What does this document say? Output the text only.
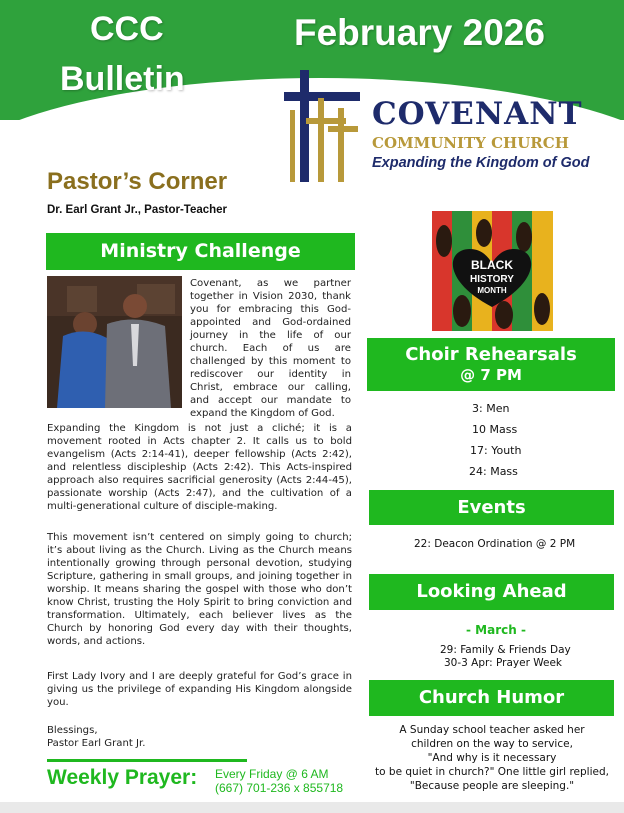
CCC
Bulletin
February 2026
COVENANT
COMMUNITY CHURCH
Expanding the Kingdom of God
Pastor’s Corner
Dr. Earl Grant Jr., Pastor-Teacher
Ministry Challenge
Covenant, as we partner together in Vision 2030, thank you for embracing this God-appointed and God-ordained journey in the life of our church. Each of us are challenged by this moment to rediscover our identity in Christ, embrace our calling, and accept our mandate to expand the Kingdom of God.
Expanding the Kingdom is not just a cliché; it is a movement rooted in Acts chapter 2. It calls us to bold evangelism (Acts 2:14-41), deeper fellowship (Acts 2:42), and relentless discipleship (Acts 2:42). This Acts-inspired approach also requires sacrificial generosity (Acts 2:44-45), passionate worship (Acts 2:47), and the cultivation of a multi-generational culture of disciple-making.
This movement isn’t centered on simply going to church; it’s about living as the Church. Living as the Church means intentionally growing through personal devotion, studying Scripture, gathering in small groups, and joining together in worship. It means sharing the gospel with those who don’t know Christ, trusting the Holy Spirit to bring conviction and transformation. Ultimately, each believer lives as the Church by honoring God every day with their thoughts, words, and actions.
First Lady Ivory and I are deeply grateful for God’s grace in giving us the privilege of expanding His Kingdom alongside you.
Blessings,
Pastor Earl Grant Jr.
Weekly Prayer: Every Friday @ 6 AM
(667) 701-236 x 855718
BLACK
HISTORY
MONTH
Choir Rehearsals
@ 7 PM
3: Men
10 Mass
17: Youth
24: Mass
Events
22: Deacon Ordination @ 2 PM
Looking Ahead
- March -
29: Family & Friends Day
30-3 Apr: Prayer Week
Church Humor
A Sunday school teacher asked her
children on the way to service,
"And why is it necessary
to be quiet in church?" One little girl replied,
"Because people are sleeping."
